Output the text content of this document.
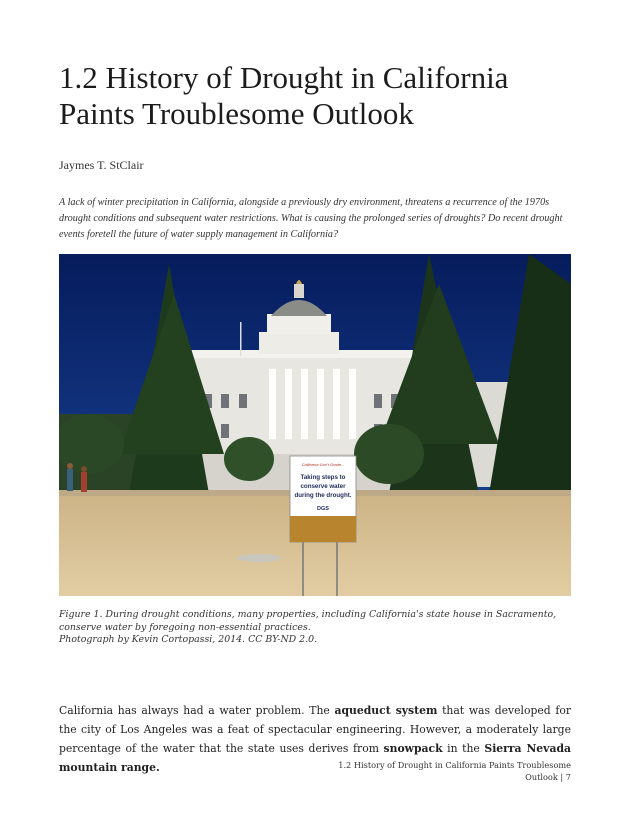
1.2 History of Drought in California Paints Troublesome Outlook
Jaymes T. StClair
A lack of winter precipitation in California, alongside a previously dry environment, threatens a recurrence of the 1970s drought conditions and subsequent water restrictions. What is causing the prolonged series of droughts? Do recent drought events foretell the future of water supply management in California?
California Gov't Grade...
Taking steps to
conserve water
during the drought.
DGS
Figure 1. During drought conditions, many properties, including California's state house in Sacramento, conserve water by foregoing non-essential practices.
Photograph by Kevin Cortopassi, 2014. CC BY-ND 2.0.

California has always had a water problem. The aqueduct system that was developed for the city of Los Angeles was a feat of spectacular engineering. However, a moderately large percentage of the water that the state uses derives from snowpack in the Sierra Nevada mountain range.	1.2 History of Drought in California Paints Troublesome
Outlook | 7
